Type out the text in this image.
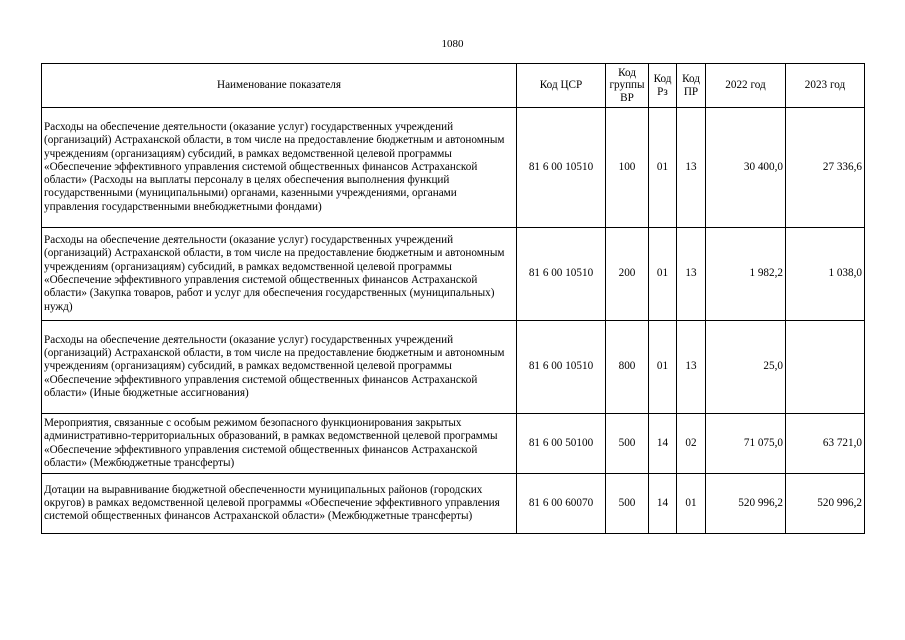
1080
Наименование показателя	Код ЦСР	Код группы ВР	Код Рз	Код ПР	2022 год	2023 год
Расходы на обеспечение деятельности (оказание услуг) государственных учреждений (организаций) Астраханской области, в том числе на предоставление бюджетным и автономным учреждениям (организациям) субсидий, в рамках ведомственной целевой программы «Обеспечение эффективного управления системой общественных финансов Астраханской области» (Расходы на выплаты персоналу в целях обеспечения выполнения функций государственными (муниципальными) органами, казенными учреждениями, органами управления государственными внебюджетными фондами)	81 6 00 10510	100	01	13	30 400,0	27 336,6
Расходы на обеспечение деятельности (оказание услуг) государственных учреждений (организаций) Астраханской области, в том числе на предоставление бюджетным и автономным учреждениям (организациям) субсидий, в рамках ведомственной целевой программы «Обеспечение эффективного управления системой общественных финансов Астраханской области» (Закупка товаров, работ и услуг для обеспечения государственных (муниципальных) нужд)	81 6 00 10510	200	01	13	1 982,2	1 038,0
Расходы на обеспечение деятельности (оказание услуг) государственных учреждений (организаций) Астраханской области, в том числе на предоставление бюджетным и автономным учреждениям (организациям) субсидий, в рамках ведомственной целевой программы «Обеспечение эффективного управления системой общественных финансов Астраханской области» (Иные бюджетные ассигнования)	81 6 00 10510	800	01	13	25,0	
Мероприятия, связанные с особым режимом безопасного функционирования закрытых административно-территориальных образований, в рамках ведомственной целевой программы «Обеспечение эффективного управления системой общественных финансов Астраханской области» (Межбюджетные трансферты)	81 6 00 50100	500	14	02	71 075,0	63 721,0
Дотации на выравнивание бюджетной обеспеченности муниципальных районов (городских округов) в рамках ведомственной целевой программы «Обеспечение эффективного управления системой общественных финансов Астраханской области» (Межбюджетные трансферты)	81 6 00 60070	500	14	01	520 996,2	520 996,2
